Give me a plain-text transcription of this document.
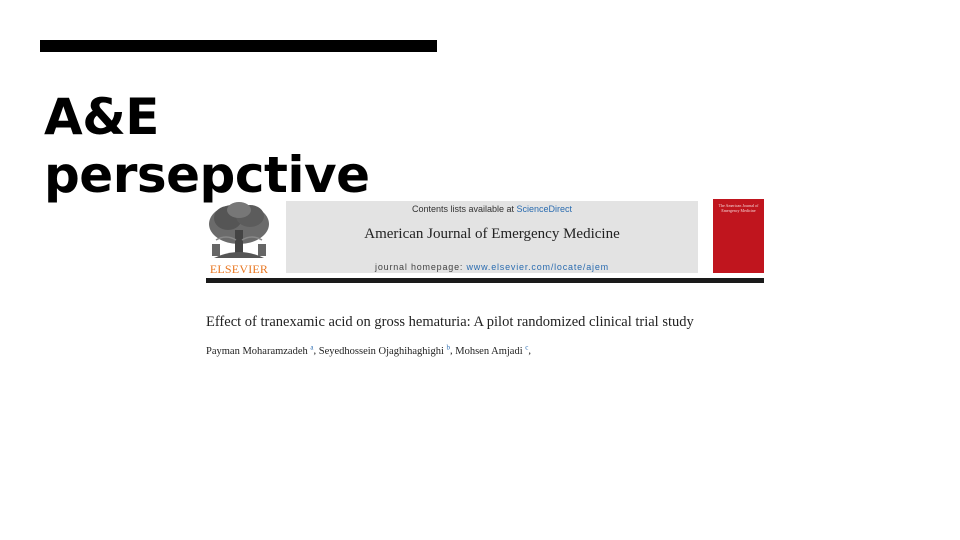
A&E
persepctive
ELSEVIER
Contents lists available at ScienceDirect
American Journal of Emergency Medicine
journal homepage: www.elsevier.com/locate/ajem
The American Journal of Emergency Medicine
Effect of tranexamic acid on gross hematuria: A pilot randomized clinical trial study
Payman Moharamzadeh $^a$, Seyedhossein Ojaghihaghighi $^b$, Mohsen Amjadi $^c$,
